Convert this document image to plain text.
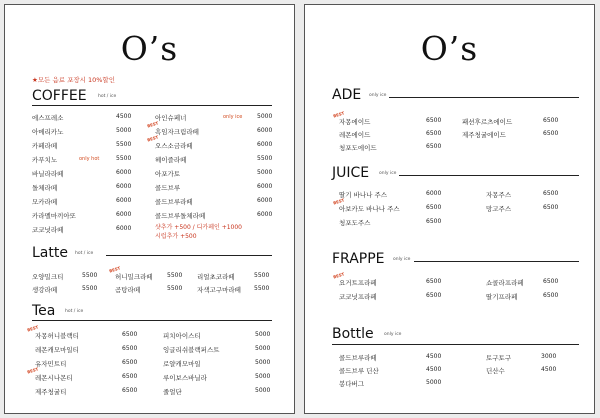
O’s
★모든 음료 포장시 10%할인
COFFEE	hot / ice
에스프레소	4500
아메리카노	5000
카페라떼	5500
카푸치노	only hot	5500
바닐라라떼	6000
돌체라떼	6000
모카라떼	6000
카라멜마끼아또	6000
코코넛라떼	6000
아인슈페너	only ice 5000
BEST
흑임자크림라떼	6000
BEST
오스소금라떼	6000
헤이즐라떼	5500
아포가토	5000
콜드브루	6000
콜드브루라떼	6000
콜드브루돌체라떼	6000
샷추가 +500 / 디카페인 +1000
시럽추가 +500
Latte hot / ice
오양밀크티	5500
생강라떼	5500
BEST
허니밀크라떼 5500
곰탕라떼	5500
리얼초코라떼	5500
자색고구마라떼 5500
Tea hot / ice
BEST
자몽허니블랙티	6500
레몬캐모마일티	6500
유자민트티	6500
BEST
레몬시나몬티	6500
제주청귤티	6500
피치아이스티	5000
잉글리쉬블랙퍼스트	5000
로얄캐모마일	5000
루이보스바닐라	5000
줄얼단	5000
O’s
ADE only ice
BEST
자몽에이드	6500
레몬에이드	6500
청포도에이드	6500
패션후르츠에이드	6500
제주청귤에이드	6500
JUICE only ice
딸기 바나나 주스	6000
BEST
아보카도 바나나 주스	6500
청포도주스	6500
자몽주스	6500
망고주스	6500
FRAPPE only ice
BEST
요거트프라페	6500
코코넛프라페	6500
쇼콜라프라페	6500
딸기프라페	6500
Bottle only ice
콜드브루라떼	4500
콜드브루 딘산	4500
봉다버그	5000
토구토구	3000
딘산수	4500
